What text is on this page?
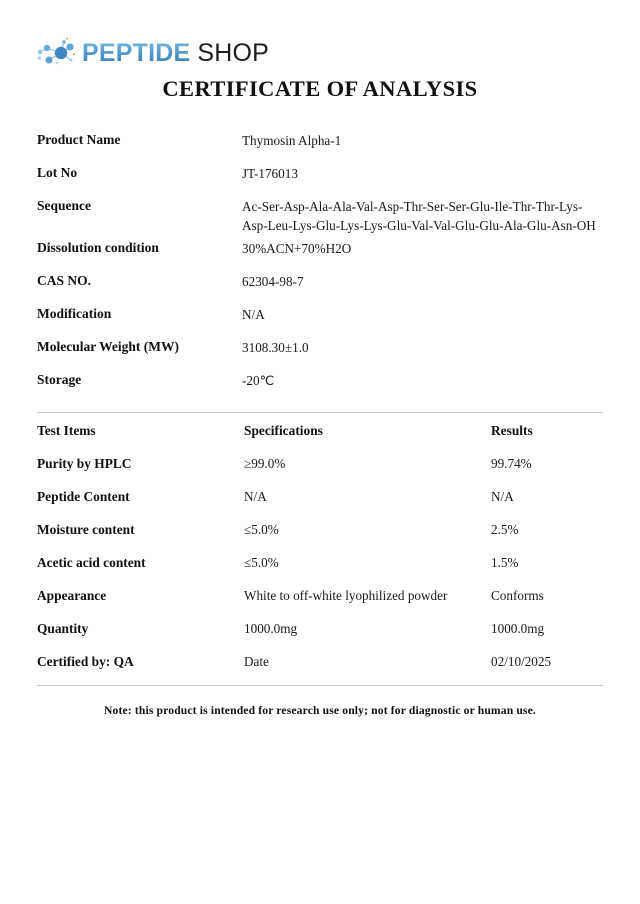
PEPTIDE SHOP
CERTIFICATE OF ANALYSIS
Product Name	Thymosin Alpha-1
Lot No	JT-176013
Sequence	Ac-Ser-Asp-Ala-Ala-Val-Asp-Thr-Ser-Ser-Glu-Ile-Thr-Thr-Lys-
Asp-Leu-Lys-Glu-Lys-Lys-Glu-Val-Val-Glu-Glu-Ala-Glu-Asn-OH
Dissolution condition	30%ACN+70%H2O
CAS NO.	62304-98-7
Modification	N/A
Molecular Weight (MW)	3108.30±1.0
Storage	-20℃
Test Items	Specifications	Results
Purity by HPLC	≥99.0%	99.74%
Peptide Content	N/A	N/A
Moisture content	≤5.0%	2.5%
Acetic acid content	≤5.0%	1.5%
Appearance	White to off-white lyophilized powder	Conforms
Quantity	1000.0mg	1000.0mg
Certified by: QA	Date	02/10/2025
Note: this product is intended for research use only; not for diagnostic or human use.
